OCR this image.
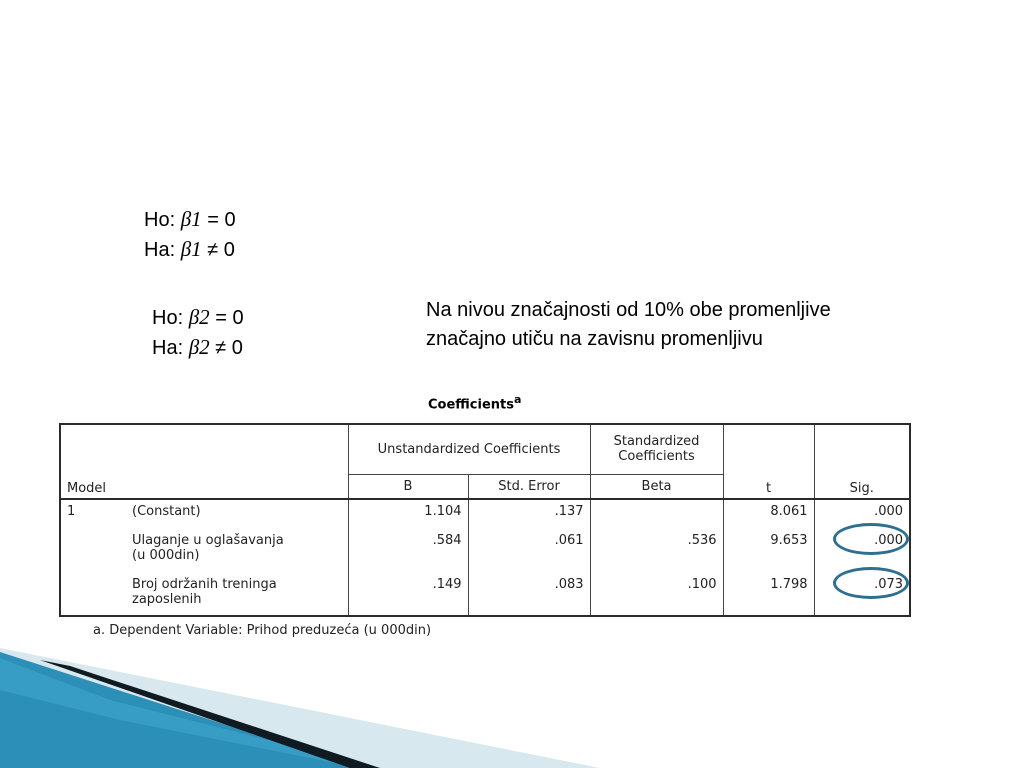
Ho: β1 = 0
Ha: β1 ≠ 0
Ho: β2 = 0
Ha: β2 ≠ 0
Na nivou značajnosti od 10% obe promenljive
značajno utiču na zavisnu promenljivu
Coefficients$^a$
Model		Unstandardized Coefficients		Standardized
Coefficients	t	Sig.
		B	Std. Error	Beta		
1	(Constant)	1.104	.137		8.061	.000

	Ulaganje u oglašavanja
(u 000din)	.584	.061	.536	9.653	.000

	Broj održanih treninga
zaposlenih	.149	.083	.100	1.798	.073
a. Dependent Variable: Prihod preduzeća (u 000din)
